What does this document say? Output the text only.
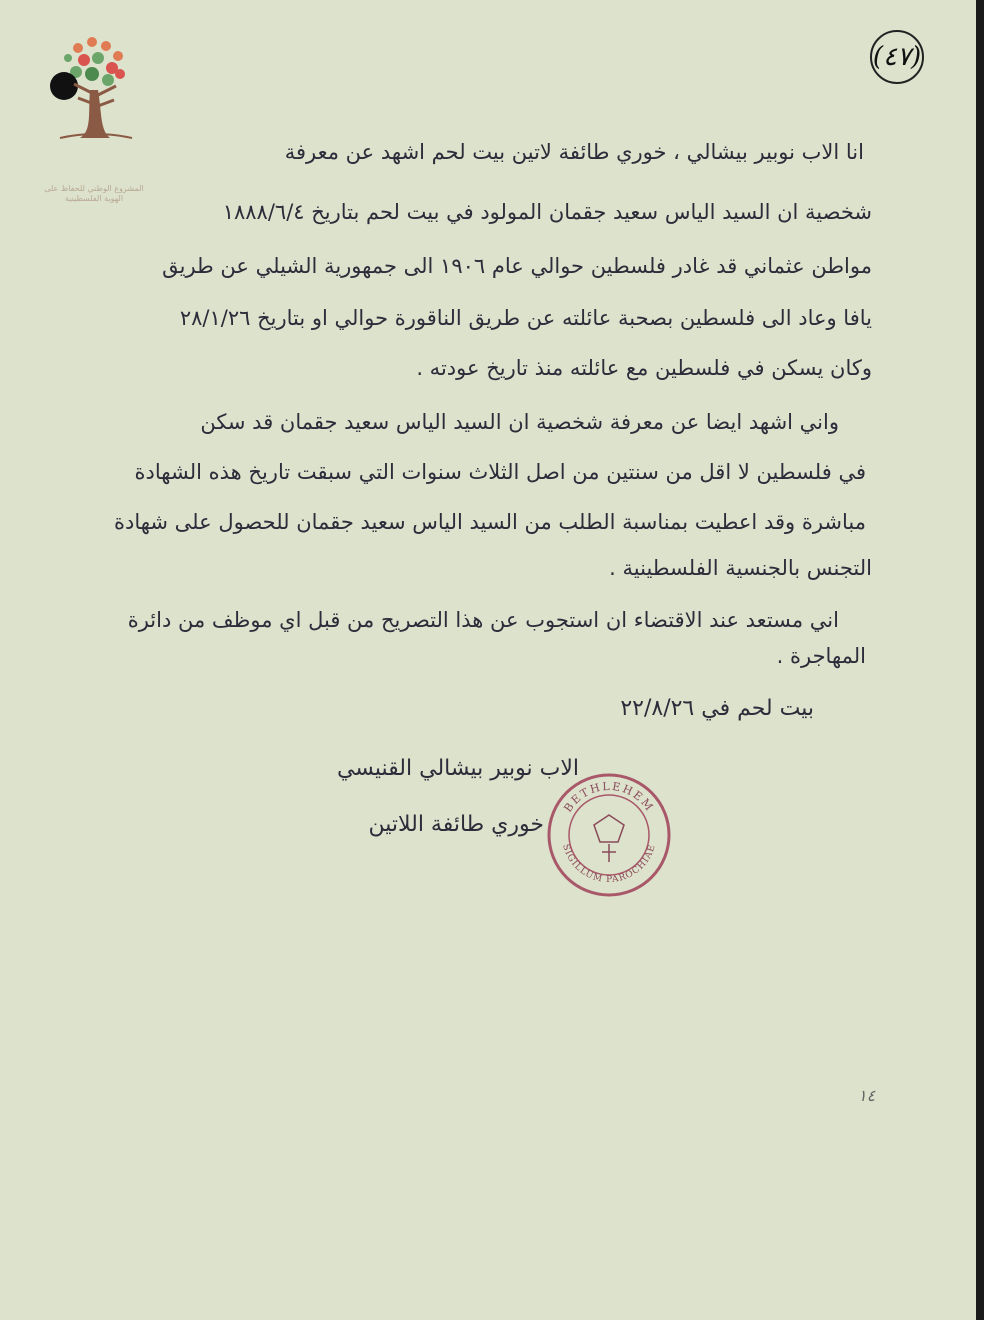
المشروع الوطني للحفاظ على الهوية الفلسطينية
(٤٧)
انا الاب نوبير بيشالي ، خوري طائفة لاتين بيت لحم اشهد عن معرفة
شخصية ان السيد الياس سعيد جقمان المولود في بيت لحم بتاريخ ١٨٨٨/٦/٤
مواطن عثماني قد غادر فلسطين حوالي عام ١٩٠٦ الى جمهورية الشيلي عن طريق
يافا وعاد الى فلسطين بصحبة عائلته عن طريق الناقورة حوالي او بتاريخ ٢٨/١/٢٦
وكان يسكن في فلسطين مع عائلته منذ تاريخ عودته .
واني اشهد ايضا عن معرفة شخصية ان السيد الياس سعيد جقمان قد سكن
في فلسطين لا اقل من سنتين من اصل الثلاث سنوات التي سبقت تاريخ هذه الشهادة
مباشرة وقد اعطيت بمناسبة الطلب من السيد الياس سعيد جقمان للحصول على شهادة
التجنس بالجنسية الفلسطينية .
اني مستعد عند الاقتضاء ان استجوب عن هذا التصريح من قبل اي موظف من دائرة
المهاجرة .
بيت لحم في ٢٢/٨/٢٦
الاب نوبير بيشالي القنيسي
خوري طائفة اللاتين
BETHLEHEM
SIGILLUM PAROCHIAE
١٤
